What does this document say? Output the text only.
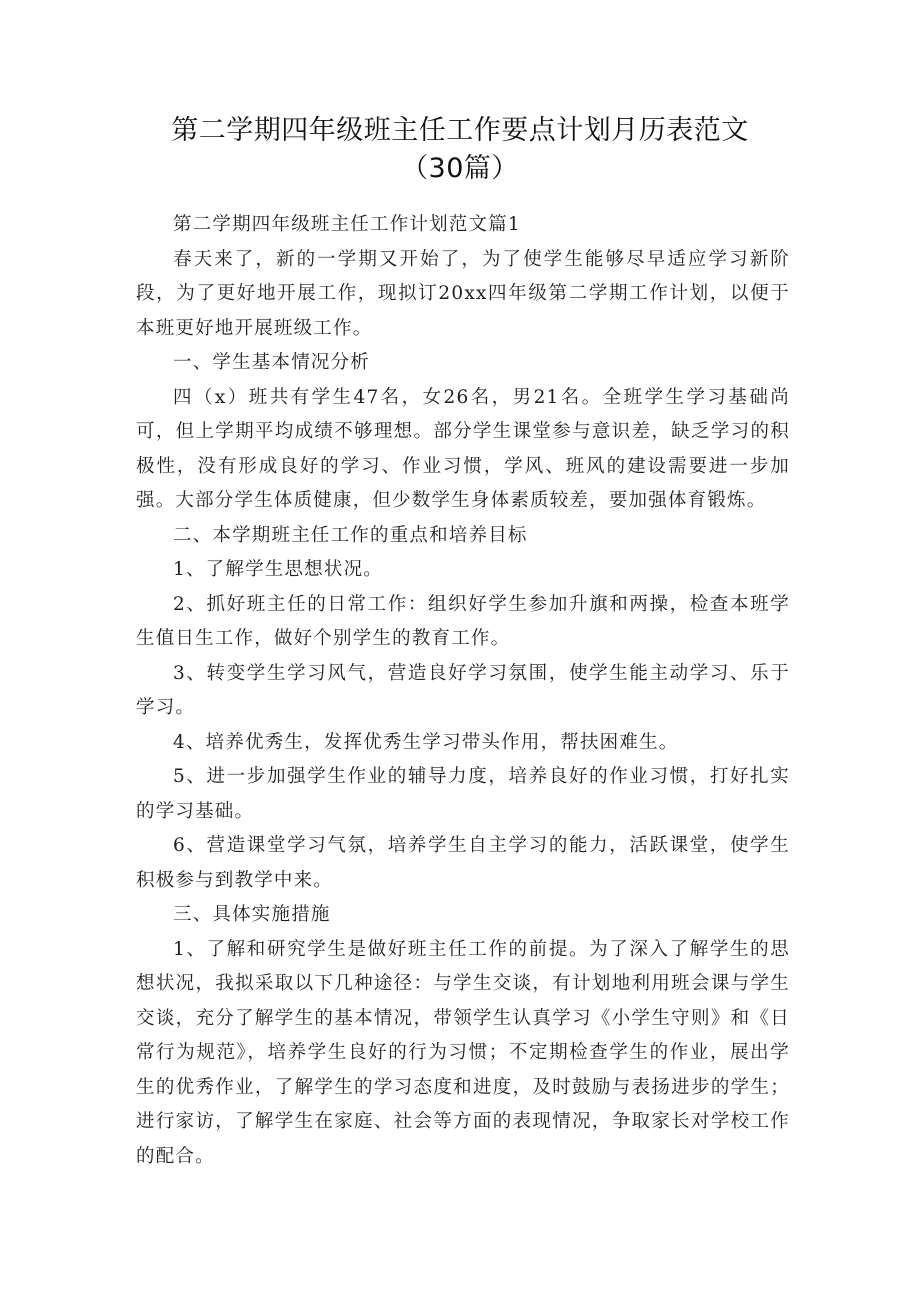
第二学期四年级班主任工作要点计划月历表范文（30篇）

第二学期四年级班主任工作计划范文篇1

春天来了，新的一学期又开始了，为了使学生能够尽早适应学习新阶段，为了更好地开展工作，现拟订20xx四年级第二学期工作计划，以便于本班更好地开展班级工作。

一、学生基本情况分析

四（x）班共有学生47名，女26名，男21名。全班学生学习基础尚可，但上学期平均成绩不够理想。部分学生课堂参与意识差，缺乏学习的积极性，没有形成良好的学习、作业习惯，学风、班风的建设需要进一步加强。大部分学生体质健康，但少数学生身体素质较差，要加强体育锻炼。

二、本学期班主任工作的重点和培养目标

1、了解学生思想状况。

2、抓好班主任的日常工作：组织好学生参加升旗和两操，检查本班学生值日生工作，做好个别学生的教育工作。

3、转变学生学习风气，营造良好学习氛围，使学生能主动学习、乐于学习。

4、培养优秀生，发挥优秀生学习带头作用，帮扶困难生。

5、进一步加强学生作业的辅导力度，培养良好的作业习惯，打好扎实的学习基础。

6、营造课堂学习气氛，培养学生自主学习的能力，活跃课堂，使学生积极参与到教学中来。

三、具体实施措施

1、了解和研究学生是做好班主任工作的前提。为了深入了解学生的思想状况，我拟采取以下几种途径：与学生交谈，有计划地利用班会课与学生交谈，充分了解学生的基本情况，带领学生认真学习《小学生守则》和《日常行为规范》，培养学生良好的行为习惯；不定期检查学生的作业，展出学生的优秀作业，了解学生的学习态度和进度，及时鼓励与表扬进步的学生；进行家访，了解学生在家庭、社会等方面的表现情况，争取家长对学校工作的配合。
